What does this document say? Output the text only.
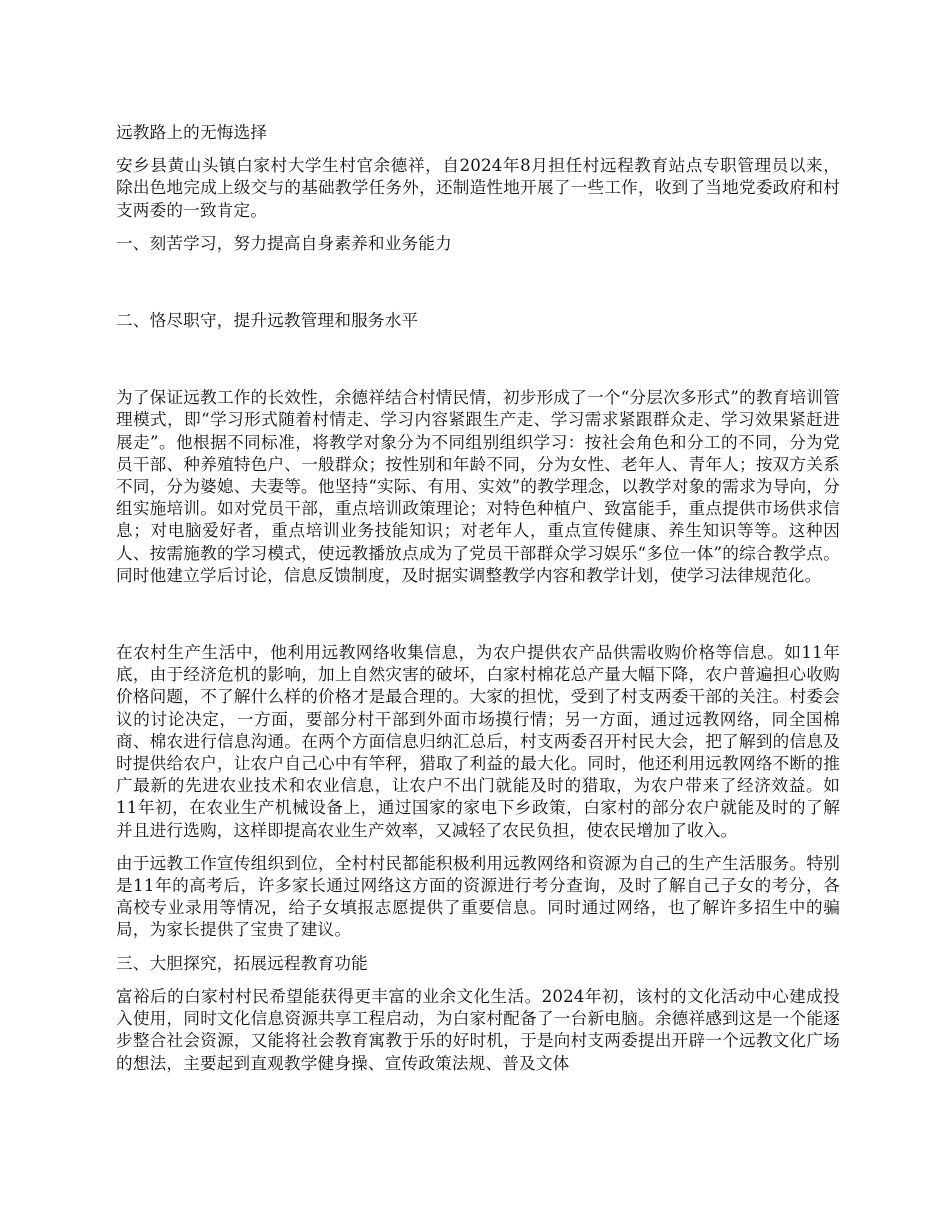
远教路上的无悔选择

安乡县黄山头镇白家村大学生村官余德祥，自2024年8月担任村远程教育站点专职管理员以来，除出色地完成上级交与的基础教学任务外，还制造性地开展了一些工作，收到了当地党委政府和村支两委的一致肯定。

一、刻苦学习，努力提高自身素养和业务能力

二、恪尽职守，提升远教管理和服务水平

为了保证远教工作的长效性，余德祥结合村情民情，初步形成了一个“分层次多形式”的教育培训管理模式，即“学习形式随着村情走、学习内容紧跟生产走、学习需求紧跟群众走、学习效果紧赶进展走”。他根据不同标准，将教学对象分为不同组别组织学习：按社会角色和分工的不同，分为党员干部、种养殖特色户、一般群众；按性别和年龄不同，分为女性、老年人、青年人；按双方关系不同，分为婆媳、夫妻等。他坚持“实际、有用、实效”的教学理念，以教学对象的需求为导向，分组实施培训。如对党员干部，重点培训政策理论；对特色种植户、致富能手，重点提供市场供求信息；对电脑爱好者，重点培训业务技能知识；对老年人，重点宣传健康、养生知识等等。这种因人、按需施教的学习模式，使远教播放点成为了党员干部群众学习娱乐“多位一体”的综合教学点。同时他建立学后讨论，信息反馈制度，及时据实调整教学内容和教学计划，使学习法律规范化。

在农村生产生活中，他利用远教网络收集信息，为农户提供农产品供需收购价格等信息。如11年底，由于经济危机的影响，加上自然灾害的破坏，白家村棉花总产量大幅下降，农户普遍担心收购价格问题，不了解什么样的价格才是最合理的。大家的担忧，受到了村支两委干部的关注。村委会议的讨论决定，一方面，要部分村干部到外面市场摸行情；另一方面，通过远教网络，同全国棉商、棉农进行信息沟通。在两个方面信息归纳汇总后，村支两委召开村民大会，把了解到的信息及时提供给农户，让农户自己心中有竿秤，猎取了利益的最大化。同时，他还利用远教网络不断的推广最新的先进农业技术和农业信息，让农户不出门就能及时的猎取，为农户带来了经济效益。如11年初，在农业生产机械设备上，通过国家的家电下乡政策，白家村的部分农户就能及时的了解并且进行选购，这样即提高农业生产效率，又减轻了农民负担，使农民增加了收入。

由于远教工作宣传组织到位，全村村民都能积极利用远教网络和资源为自己的生产生活服务。特别是11年的高考后，许多家长通过网络这方面的资源进行考分查询，及时了解自己子女的考分，各高校专业录用等情况，给子女填报志愿提供了重要信息。同时通过网络，也了解许多招生中的骗局，为家长提供了宝贵了建议。

三、大胆探究，拓展远程教育功能

富裕后的白家村村民希望能获得更丰富的业余文化生活。2024年初，该村的文化活动中心建成投入使用，同时文化信息资源共享工程启动，为白家村配备了一台新电脑。余德祥感到这是一个能逐步整合社会资源，又能将社会教育寓教于乐的好时机，于是向村支两委提出开辟一个远教文化广场的想法，主要起到直观教学健身操、宣传政策法规、普及文体
